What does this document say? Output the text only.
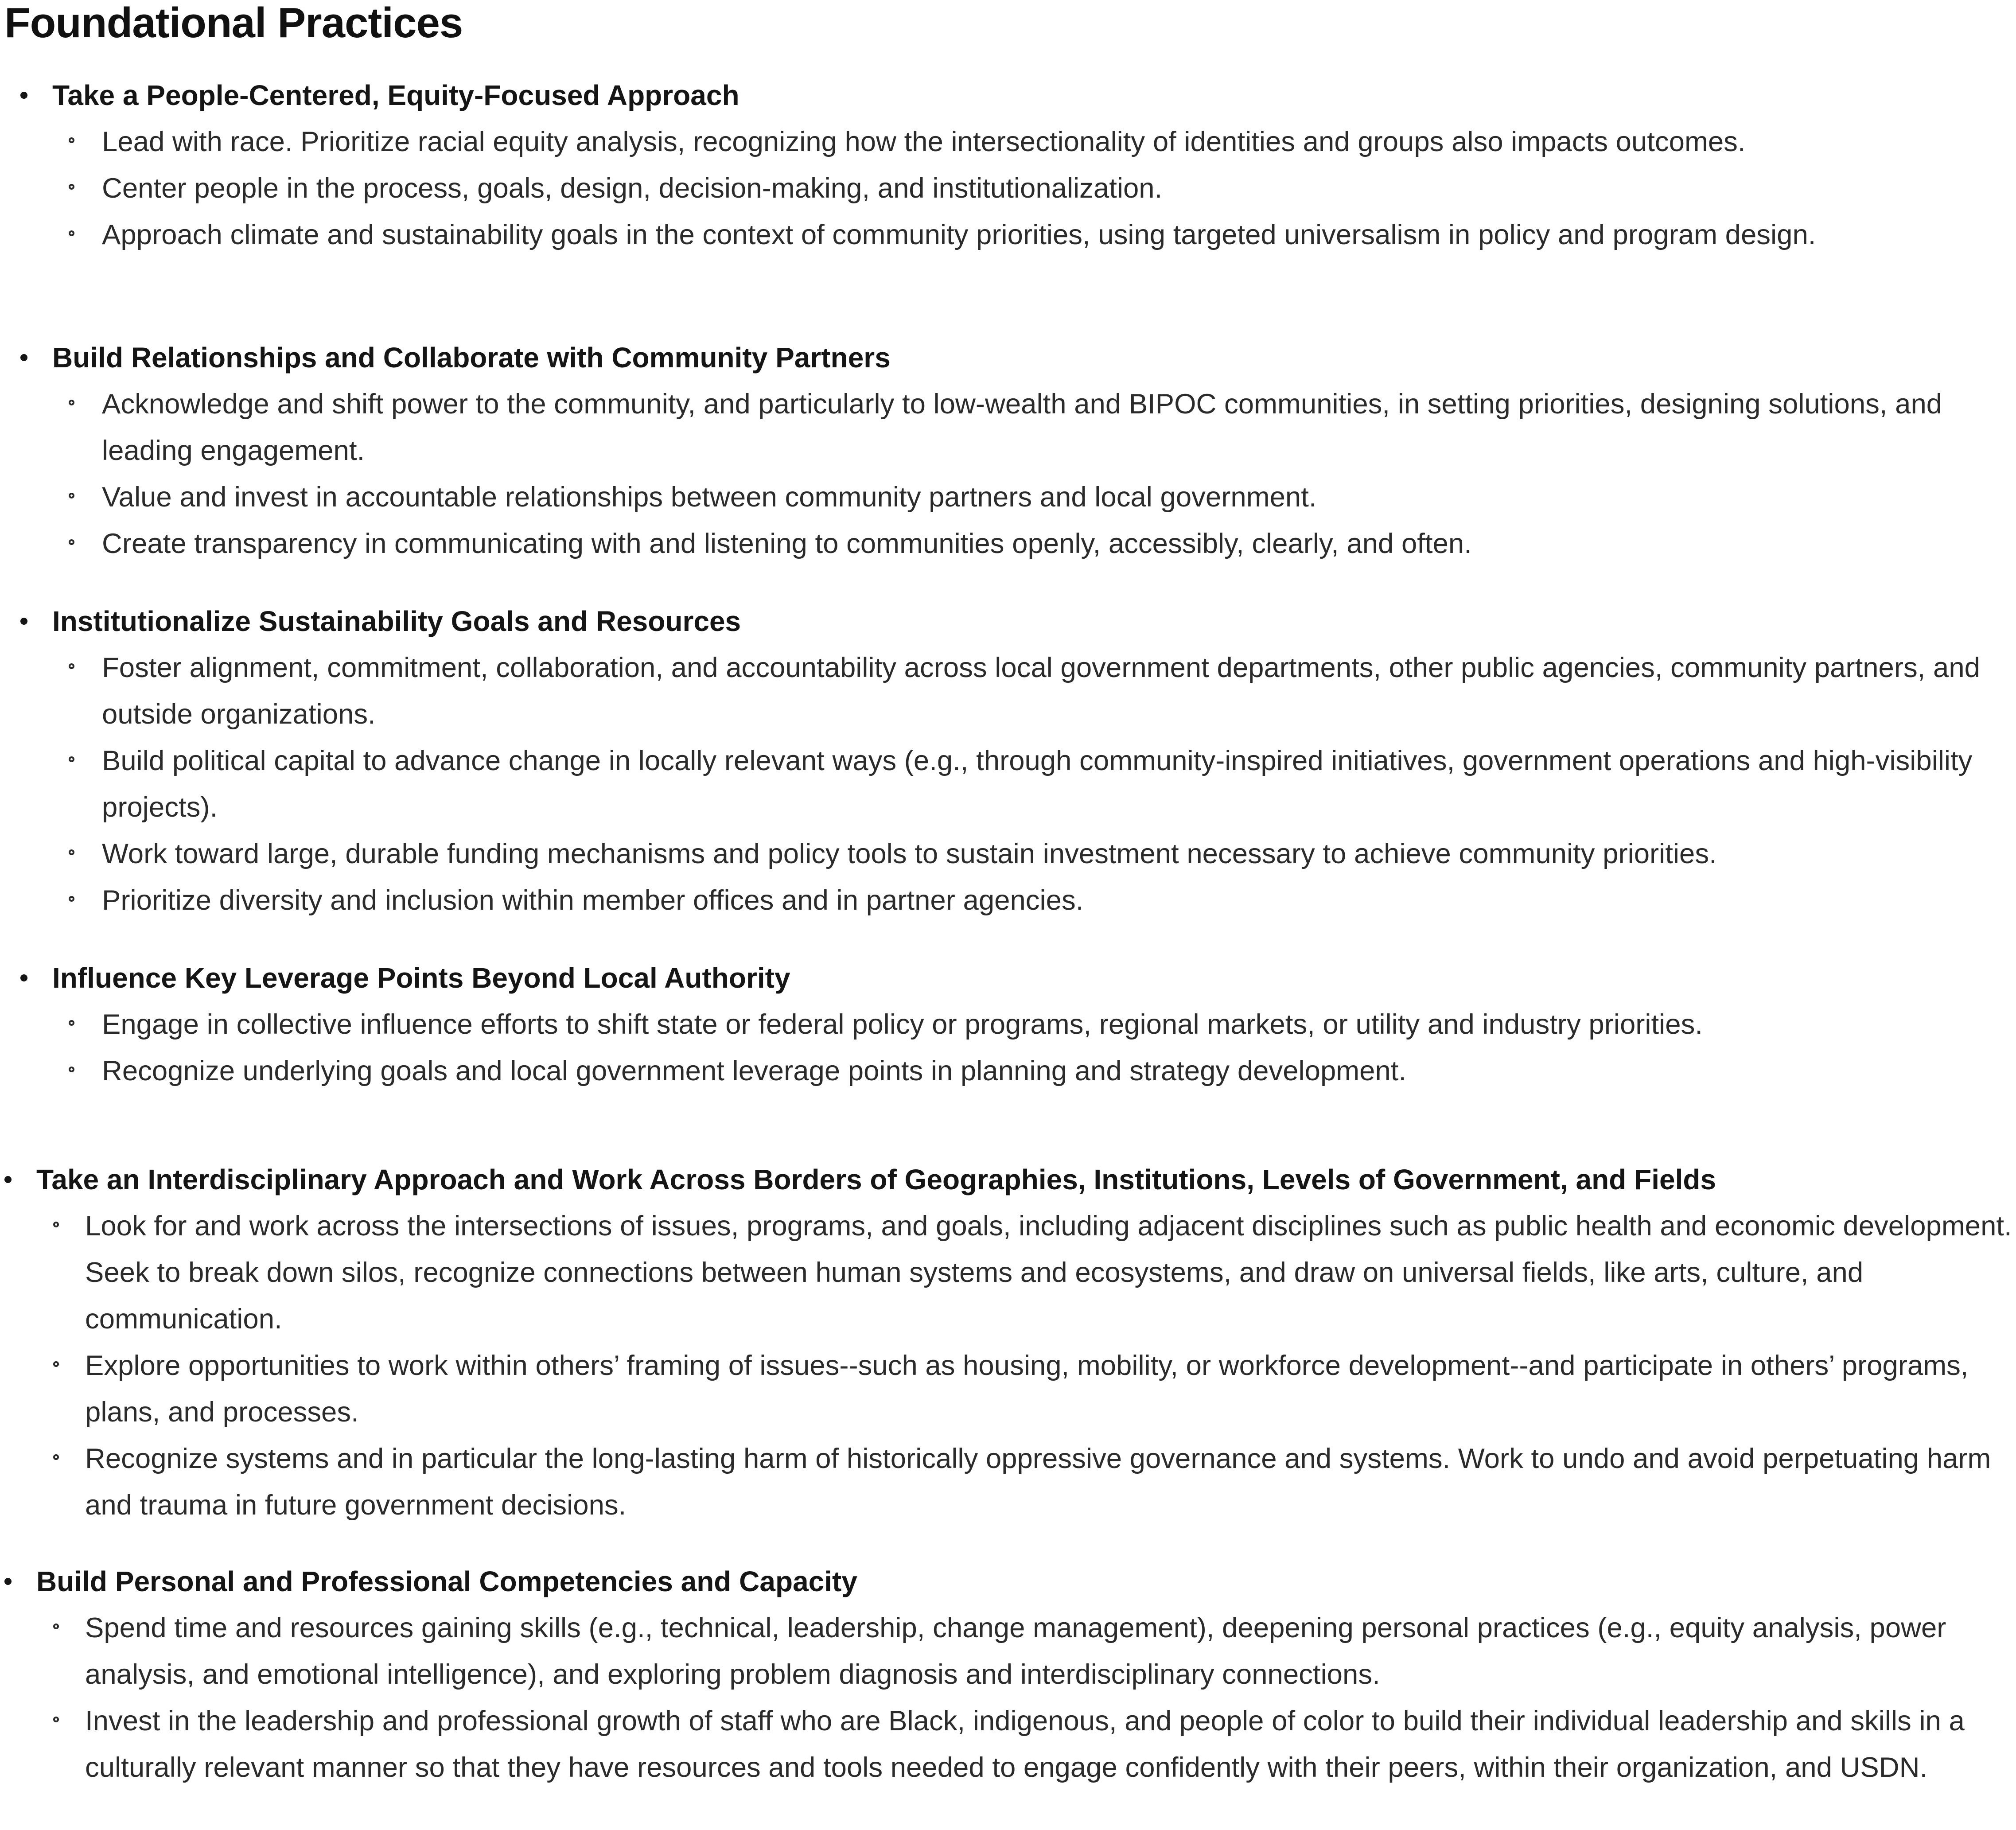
Foundational Practices
Take a People-Centered, Equity-Focused Approach
Lead with race. Prioritize racial equity analysis, recognizing how the intersectionality of identities and groups also impacts outcomes.
Center people in the process, goals, design, decision-making, and institutionalization.
Approach climate and sustainability goals in the context of community priorities, using targeted universalism in policy and program design.
Build Relationships and Collaborate with Community Partners
Acknowledge and shift power to the community, and particularly to low-wealth and BIPOC communities, in setting priorities, designing solutions, and leading engagement.
Value and invest in accountable relationships between community partners and local government.
Create transparency in communicating with and listening to communities openly, accessibly, clearly, and often.
Institutionalize Sustainability Goals and Resources
Foster alignment, commitment, collaboration, and accountability across local government departments, other public agencies, community partners, and outside organizations.
Build political capital to advance change in locally relevant ways (e.g., through community-inspired initiatives, government operations and high-visibility projects).
Work toward large, durable funding mechanisms and policy tools to sustain investment necessary to achieve community priorities.
Prioritize diversity and inclusion within member offices and in partner agencies.
Influence Key Leverage Points Beyond Local Authority
Engage in collective influence efforts to shift state or federal policy or programs, regional markets, or utility and industry priorities.
Recognize underlying goals and local government leverage points in planning and strategy development.
Take an Interdisciplinary Approach and Work Across Borders of Geographies, Institutions, Levels of Government, and Fields
Look for and work across the intersections of issues, programs, and goals, including adjacent disciplines such as public health and economic development. Seek to break down silos, recognize connections between human systems and ecosystems, and draw on universal fields, like arts, culture, and communication.
Explore opportunities to work within others’ framing of issues--such as housing, mobility, or workforce development--and participate in others’ programs, plans, and processes.
Recognize systems and in particular the long-lasting harm of historically oppressive governance and systems. Work to undo and avoid perpetuating harm and trauma in future government decisions.
Build Personal and Professional Competencies and Capacity
Spend time and resources gaining skills (e.g., technical, leadership, change management), deepening personal practices (e.g., equity analysis, power analysis, and emotional intelligence), and exploring problem diagnosis and interdisciplinary connections.
Invest in the leadership and professional growth of staff who are Black, indigenous, and people of color to build their individual leadership and skills in a culturally relevant manner so that they have resources and tools needed to engage confidently with their peers, within their organization, and USDN.
